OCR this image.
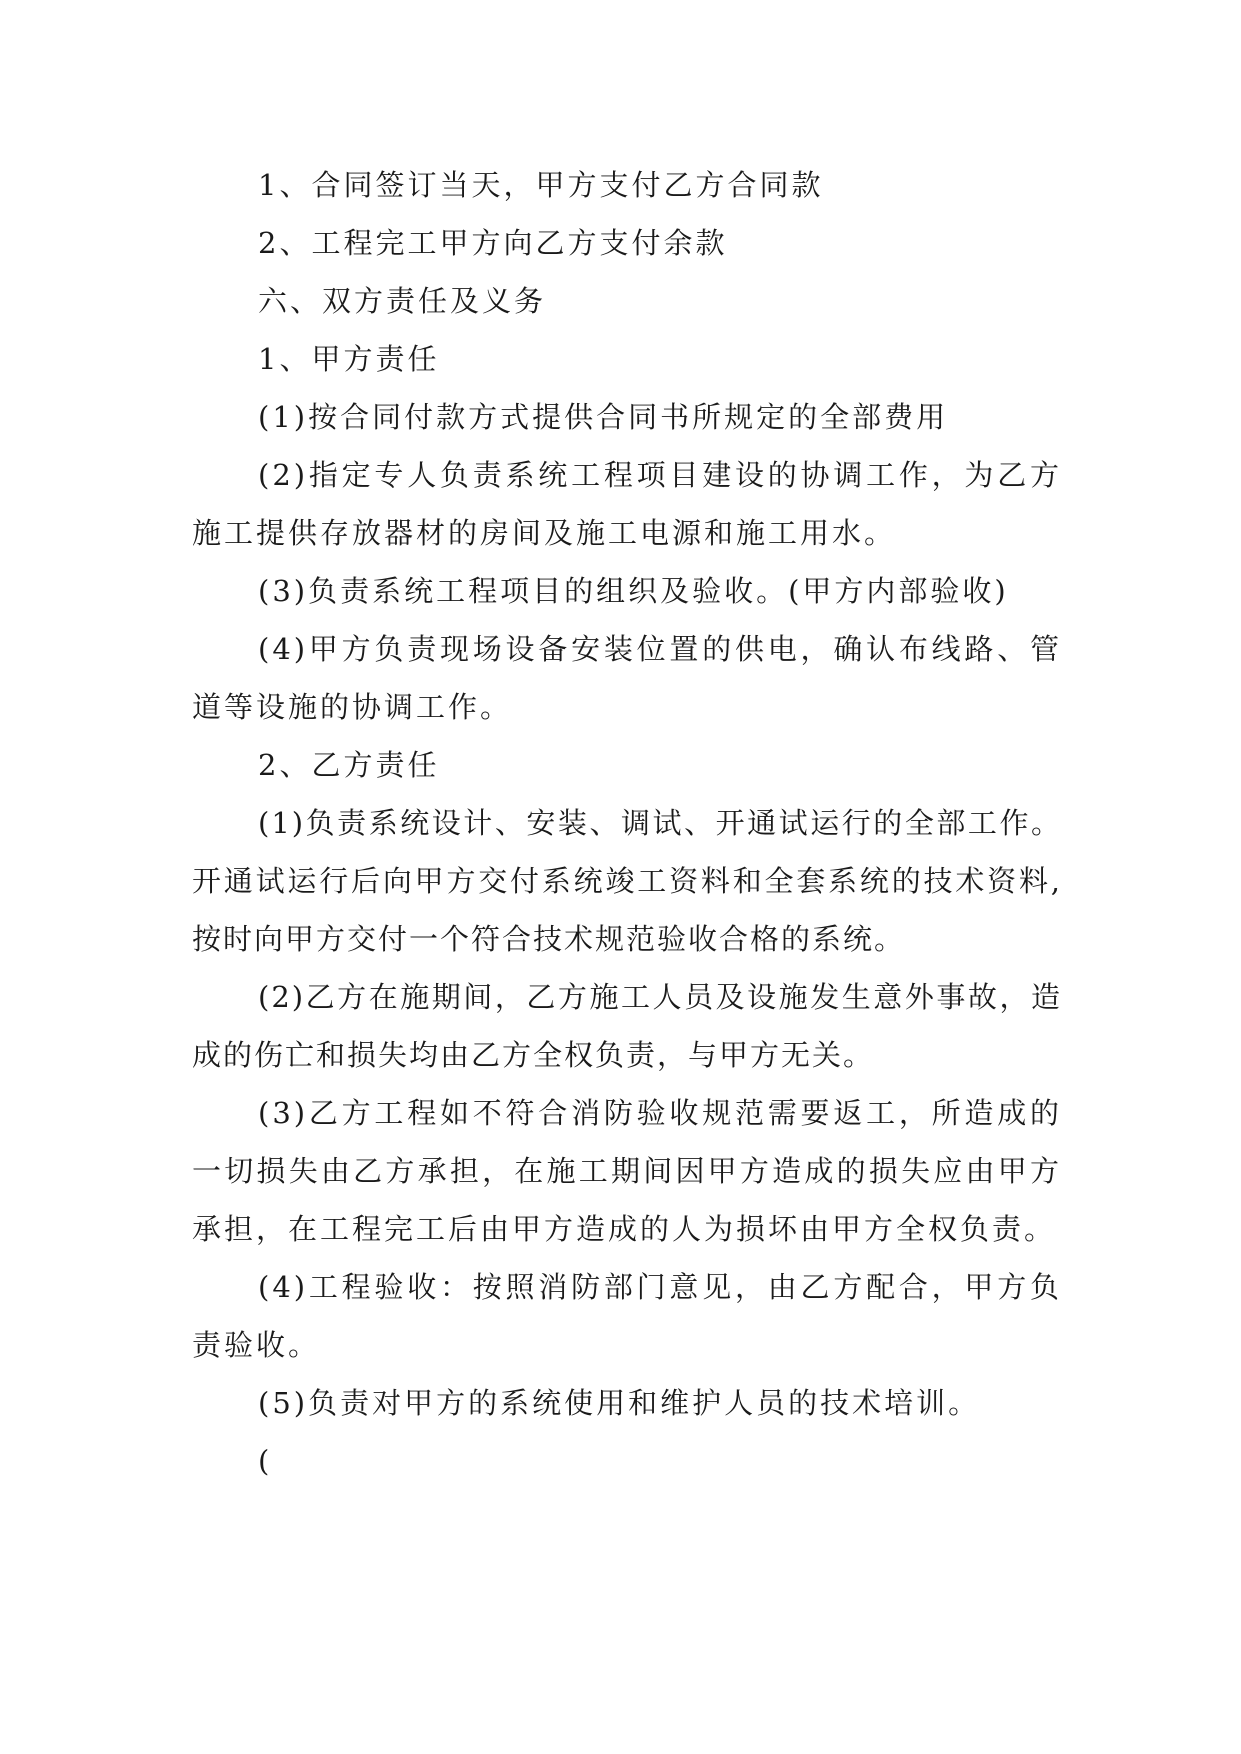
1、合同签订当天，甲方支付乙方合同款

2、工程完工甲方向乙方支付余款

六、双方责任及义务

1、甲方责任

(1)按合同付款方式提供合同书所规定的全部费用

(2)指定专人负责系统工程项目建设的协调工作，为乙方施工提供存放器材的房间及施工电源和施工用水。

(3)负责系统工程项目的组织及验收。(甲方内部验收)

(4)甲方负责现场设备安装位置的供电，确认布线路、管道等设施的协调工作。

2、乙方责任

(1)负责系统设计、安装、调试、开通试运行的全部工作。开通试运行后向甲方交付系统竣工资料和全套系统的技术资料,按时向甲方交付一个符合技术规范验收合格的系统。

(2)乙方在施期间，乙方施工人员及设施发生意外事故，造成的伤亡和损失均由乙方全权负责，与甲方无关。

(3)乙方工程如不符合消防验收规范需要返工，所造成的一切损失由乙方承担，在施工期间因甲方造成的损失应由甲方承担，在工程完工后由甲方造成的人为损坏由甲方全权负责。

(4)工程验收：按照消防部门意见，由乙方配合，甲方负责验收。

(5)负责对甲方的系统使用和维护人员的技术培训。

(
